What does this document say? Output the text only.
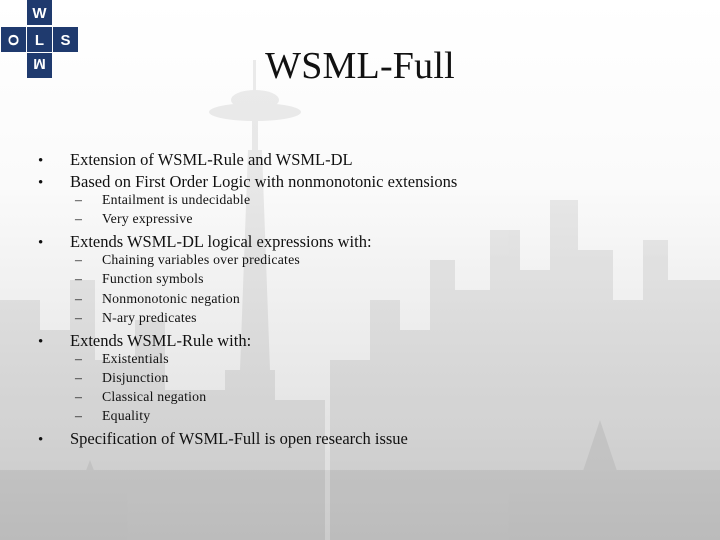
W
O L S
M	WSML-Full
• Extension of WSML-Rule and WSML-DL
• Based on First Order Logic with nonmonotonic extensions
– Entailment is undecidable
– Very expressive
• Extends WSML-DL logical expressions with:
– Chaining variables over predicates
– Function symbols
– Nonmonotonic negation
– N-ary predicates
• Extends WSML-Rule with:
– Existentials
– Disjunction
– Classical negation
– Equality
• Specification of WSML-Full is open research issue
